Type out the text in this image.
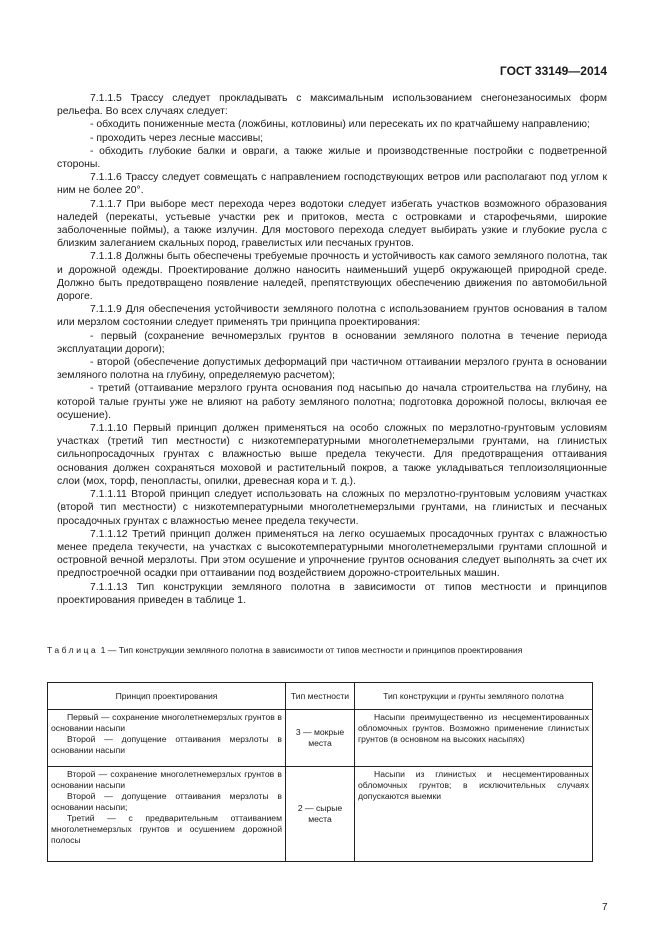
ГОСТ 33149—2014

7.1.1.5 Трассу следует прокладывать с максимальным использованием снегонезаносимых форм рельефа. Во всех случаях следует:

- обходить пониженные места (ложбины, котловины) или пересекать их по кратчайшему направлению;

- проходить через лесные массивы;

- обходить глубокие балки и овраги, а также жилые и производственные постройки с подветренной стороны.

7.1.1.6 Трассу следует совмещать с направлением господствующих ветров или располагают под углом к ним не более 20°.

7.1.1.7 При выборе мест перехода через водотоки следует избегать участков возможного образования наледей (перекаты, устьевые участки рек и притоков, места с островками и старофечьями, широкие заболоченные поймы), а также излучин. Для мостового перехода следует выбирать узкие и глубокие русла с близким залеганием скальных пород, гравелистых или песчаных грунтов.

7.1.1.8 Должны быть обеспечены требуемые прочность и устойчивость как самого земляного полотна, так и дорожной одежды. Проектирование должно наносить наименьший ущерб окружающей природной среде. Должно быть предотвращено появление наледей, препятствующих обеспечению движения по автомобильной дороге.

7.1.1.9 Для обеспечения устойчивости земляного полотна с использованием грунтов основания в талом или мерзлом состоянии следует применять три принципа проектирования:

- первый (сохранение вечномерзлых грунтов в основании земляного полотна в течение периода эксплуатации дороги);

- второй (обеспечение допустимых деформаций при частичном оттаивании мерзлого грунта в основании земляного полотна на глубину, определяемую расчетом);

- третий (оттаивание мерзлого грунта основания под насыпью до начала строительства на глубину, на которой талые грунты уже не влияют на работу земляного полотна; подготовка дорожной полосы, включая ее осушение).

7.1.1.10 Первый принцип должен применяться на особо сложных по мерзлотно-грунтовым условиям участках (третий тип местности) с низкотемпературными многолетнемерзлыми грунтами, на глинистых сильнопросадочных грунтах с влажностью выше предела текучести. Для предотвращения оттаивания основания должен сохраняться моховой и растительный покров, а также укладываться теплоизоляционные слои (мох, торф, пенопласты, опилки, древесная кора и т. д.).

7.1.1.11 Второй принцип следует использовать на сложных по мерзлотно-грунтовым условиям участках (второй тип местности) с низкотемпературными многолетнемерзлыми грунтами, на глинистых и песчаных просадочных грунтах с влажностью менее предела текучести.

7.1.1.12 Третий принцип должен применяться на легко осушаемых просадочных грунтах с влажностью менее предела текучести, на участках с высокотемпературными многолетнемерзлыми грунтами сплошной и островной вечной мерзлоты. При этом осушение и упрочнение грунтов основания следует выполнять за счет их предпостроечной осадки при оттаивании под воздействием дорожно-строительных машин.

7.1.1.13 Тип конструкции земляного полотна в зависимости от типов местности и принципов проектирования приведен в таблице 1.

Таблица 1 — Тип конструкции земляного полотна в зависимости от типов местности и принципов проектирования
Принцип проектирования	Тип местности	Тип конструкции и грунты земляного полотна

Первый — сохранение многолетнемерзлых грунтов в основании насыпи

Второй — допущение оттаивания мерзлоты в основании насыпи	3 — мокрые места	Насыпи преимущественно из несцементированных обломочных грунтов. Возможно применение глинистых грунтов (в основном на высоких насыпях)

Второй — сохранение многолетнемерзлых грунтов в основании насыпи

Второй — допущение оттаивания мерзлоты в основании насыпи;

Третий — с предварительным оттаиванием многолетнемерзлых грунтов и осушением дорожной полосы	2 — сырые места	Насыпи из глинистых и несцементированных обломочных грунтов; в исключительных случаях допускаются выемки

7
